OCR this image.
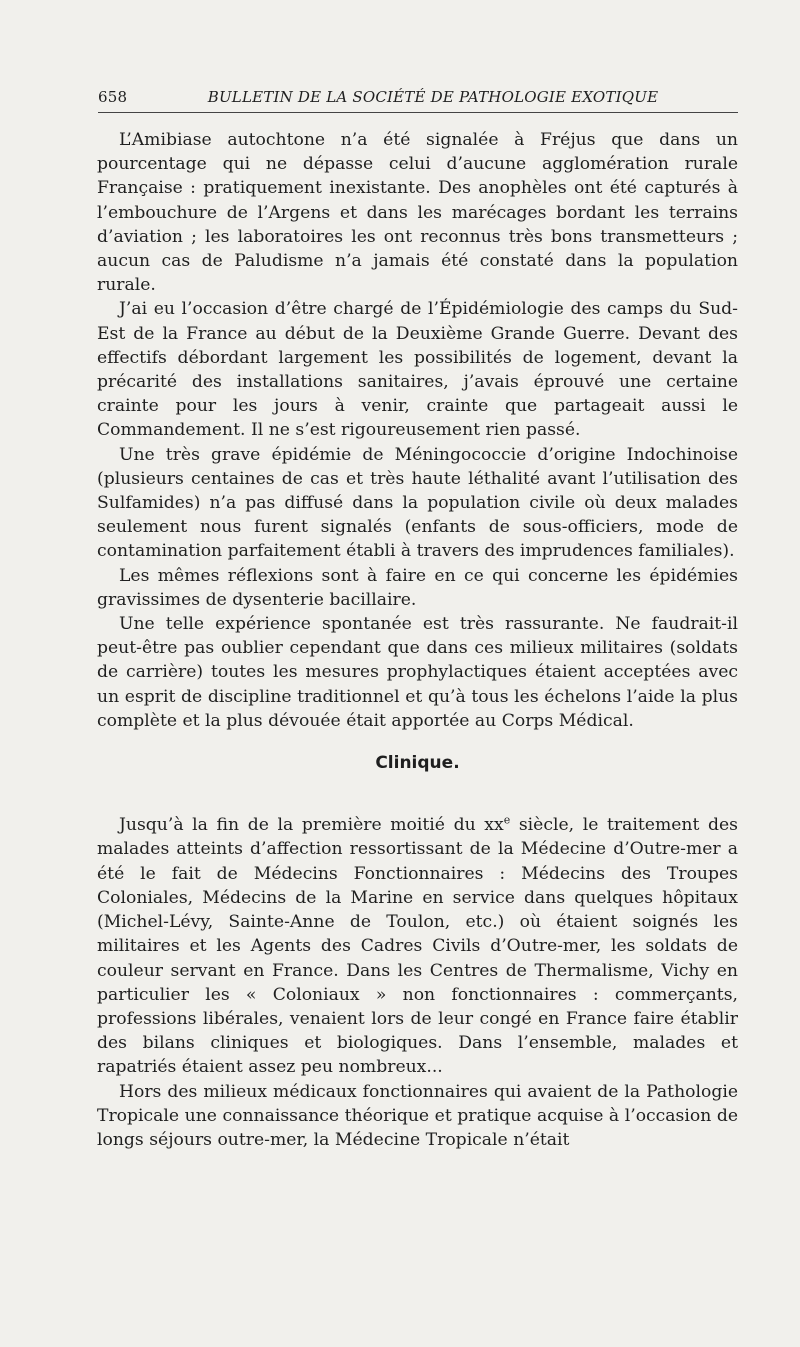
658	BULLETIN DE LA SOCIÉTÉ DE PATHOLOGIE EXOTIQUE

L’Amibiase autochtone n’a été signalée à Fréjus que dans un pourcentage qui ne dépasse celui d’aucune agglomération rurale Française : pratiquement inexistante. Des anophèles ont été capturés à l’embouchure de l’Argens et dans les marécages bordant les terrains d’aviation ; les laboratoires les ont reconnus très bons transmetteurs ; aucun cas de Paludisme n’a jamais été constaté dans la population rurale.

J’ai eu l’occasion d’être chargé de l’Épidémiologie des camps du Sud-Est de la France au début de la Deuxième Grande Guerre. Devant des effectifs débordant largement les possibilités de logement, devant la précarité des installations sanitaires, j’avais éprouvé une certaine crainte pour les jours à venir, crainte que partageait aussi le Commandement. Il ne s’est rigoureusement rien passé.

Une très grave épidémie de Méningococcie d’origine Indochinoise (plusieurs centaines de cas et très haute léthalité avant l’utilisation des Sulfamides) n’a pas diffusé dans la population civile où deux malades seulement nous furent signalés (enfants de sous-officiers, mode de contamination parfaitement établi à travers des imprudences familiales).

Les mêmes réflexions sont à faire en ce qui concerne les épidémies gravissimes de dysenterie bacillaire.

Une telle expérience spontanée est très rassurante. Ne faudrait-il peut-être pas oublier cependant que dans ces milieux militaires (soldats de carrière) toutes les mesures prophylactiques étaient acceptées avec un esprit de discipline traditionnel et qu’à tous les échelons l’aide la plus complète et la plus dévouée était apportée au Corps Médical.

Clinique.

Jusqu’à la fin de la première moitié du $xx^e$ siècle, le traitement des malades atteints d’affection ressortissant de la Médecine d’Outre-mer a été le fait de Médecins Fonctionnaires : Médecins des Troupes Coloniales, Médecins de la Marine en service dans quelques hôpitaux (Michel-Lévy, Sainte-Anne de Toulon, etc.) où étaient soignés les militaires et les Agents des Cadres Civils d’Outre-mer, les soldats de couleur servant en France. Dans les Centres de Thermalisme, Vichy en particulier les « Coloniaux » non fonctionnaires : commerçants, professions libérales, venaient lors de leur congé en France faire établir des bilans cliniques et biologiques. Dans l’ensemble, malades et rapatriés étaient assez peu nombreux...

Hors des milieux médicaux fonctionnaires qui avaient de la Pathologie Tropicale une connaissance théorique et pratique acquise à l’occasion de longs séjours outre-mer, la Médecine Tropicale n’était
